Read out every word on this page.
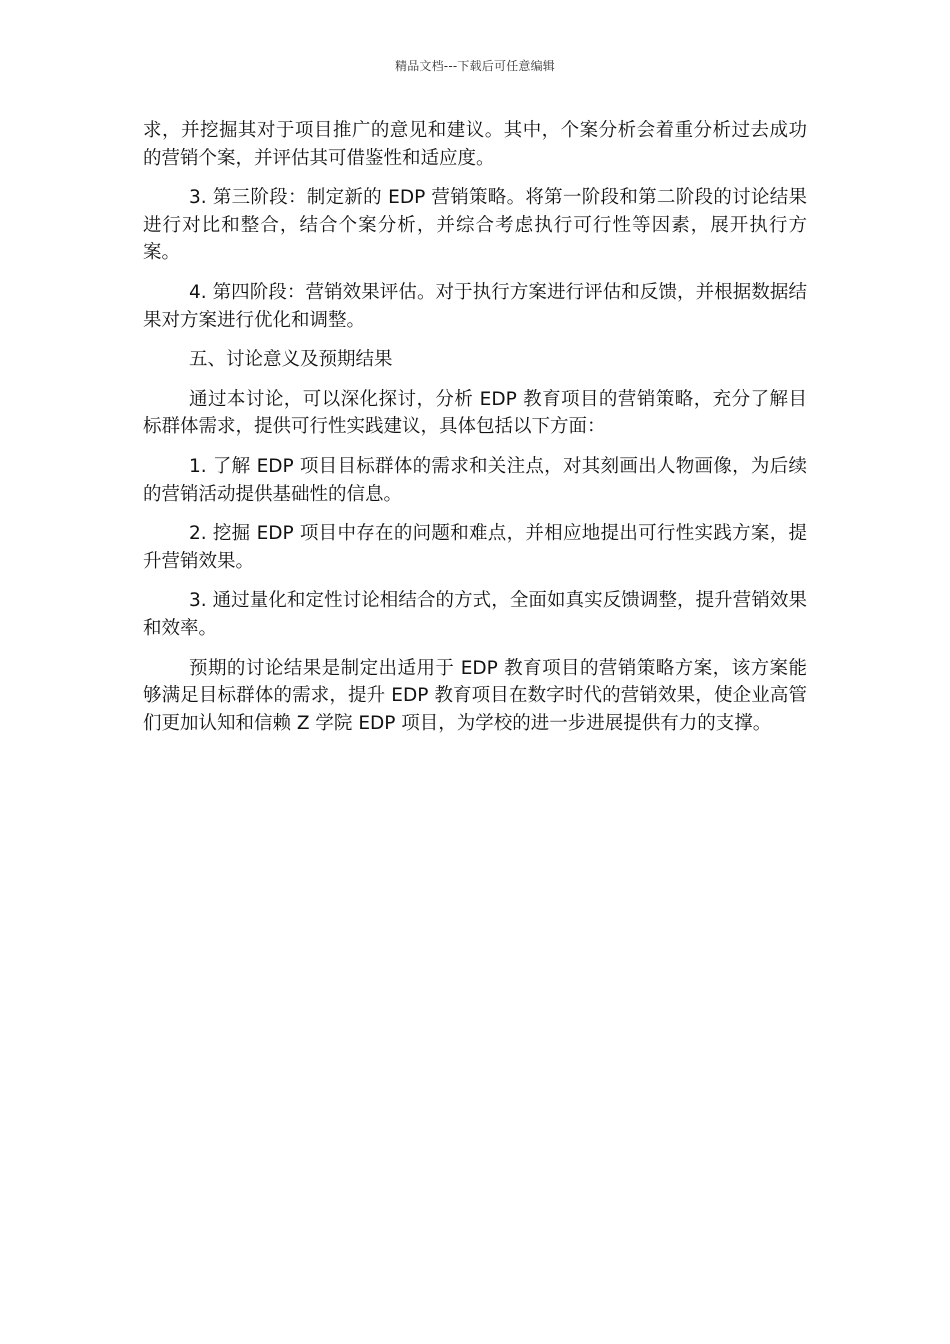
精品文档---下载后可任意编辑

求，并挖掘其对于项目推广的意见和建议。其中，个案分析会着重分析过去成功的营销个案，并评估其可借鉴性和适应度。

3. 第三阶段：制定新的 EDP 营销策略。将第一阶段和第二阶段的讨论结果进行对比和整合，结合个案分析，并综合考虑执行可行性等因素，展开执行方案。

4. 第四阶段：营销效果评估。对于执行方案进行评估和反馈，并根据数据结果对方案进行优化和调整。

五、讨论意义及预期结果

通过本讨论，可以深化探讨，分析 EDP 教育项目的营销策略，充分了解目标群体需求，提供可行性实践建议，具体包括以下方面：

1. 了解 EDP 项目目标群体的需求和关注点，对其刻画出人物画像，为后续的营销活动提供基础性的信息。

2. 挖掘 EDP 项目中存在的问题和难点，并相应地提出可行性实践方案，提升营销效果。

3. 通过量化和定性讨论相结合的方式，全面如真实反馈调整，提升营销效果和效率。

预期的讨论结果是制定出适用于 EDP 教育项目的营销策略方案，该方案能够满足目标群体的需求，提升 EDP 教育项目在数字时代的营销效果，使企业高管们更加认知和信赖 Z 学院 EDP 项目，为学校的进一步进展提供有力的支撑。
